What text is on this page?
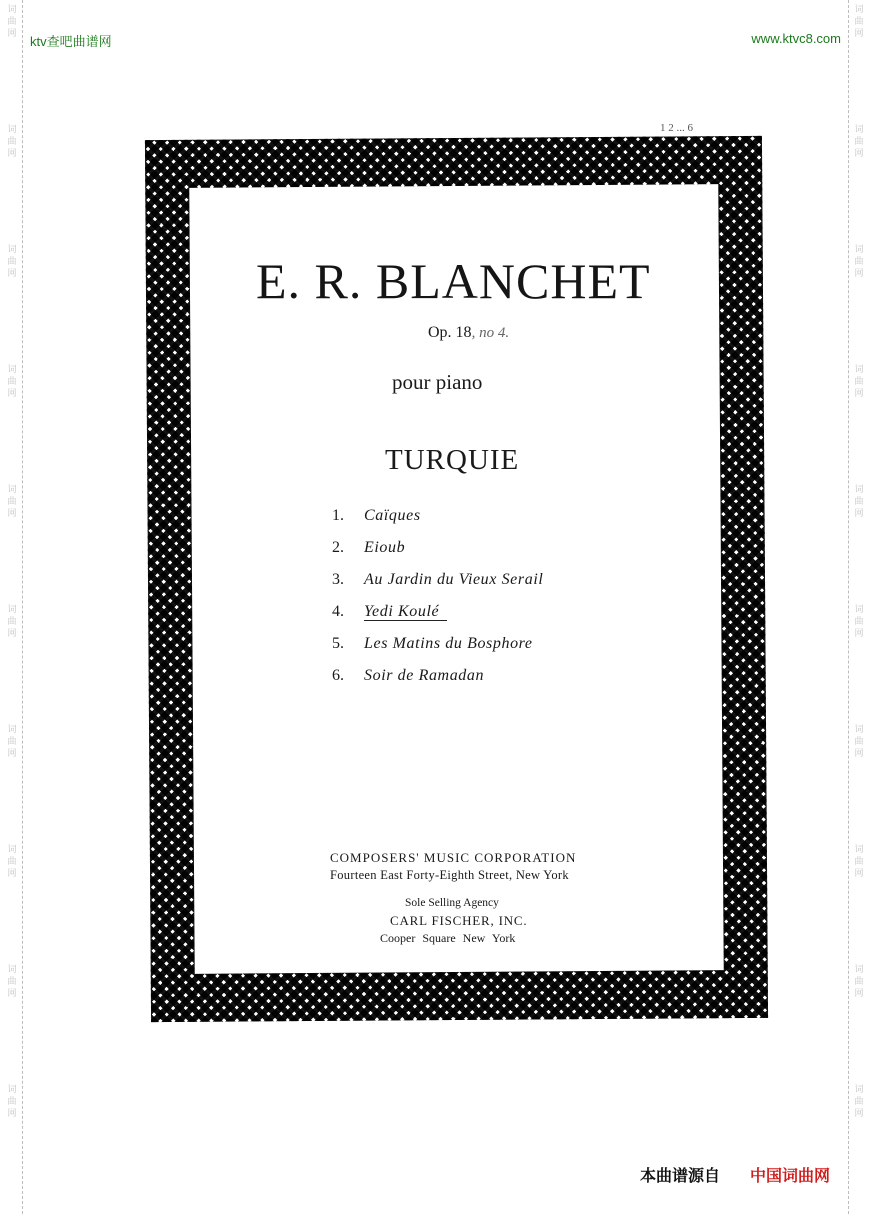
词 曲 网
词 曲 网
词 曲 网
词 曲 网
词 曲 网
词 曲 网
词 曲 网
词 曲 网
词 曲 网
词 曲 网
词 曲 网
词 曲 网
词 曲 网
词 曲 网
词 曲 网
词 曲 网
词 曲 网
词 曲 网
词 曲 网
词 曲 网
ktv查吧曲谱网	www.ktvc8.com
1 2 ... 6
E. R. BLANCHET
Op. 18, no 4.
pour piano
TURQUIE
1. Caïques
2. Eioub
3. Au Jardin du Vieux Serail
4. Yedi Koulé
5. Les Matins du Bosphore
6. Soir de Ramadan
COMPOSERS' MUSIC CORPORATION
Fourteen East Forty-Eighth Street, New York
Sole Selling Agency
CARL FISCHER, INC.
Cooper Square New York
本曲谱源自 中国词曲网
